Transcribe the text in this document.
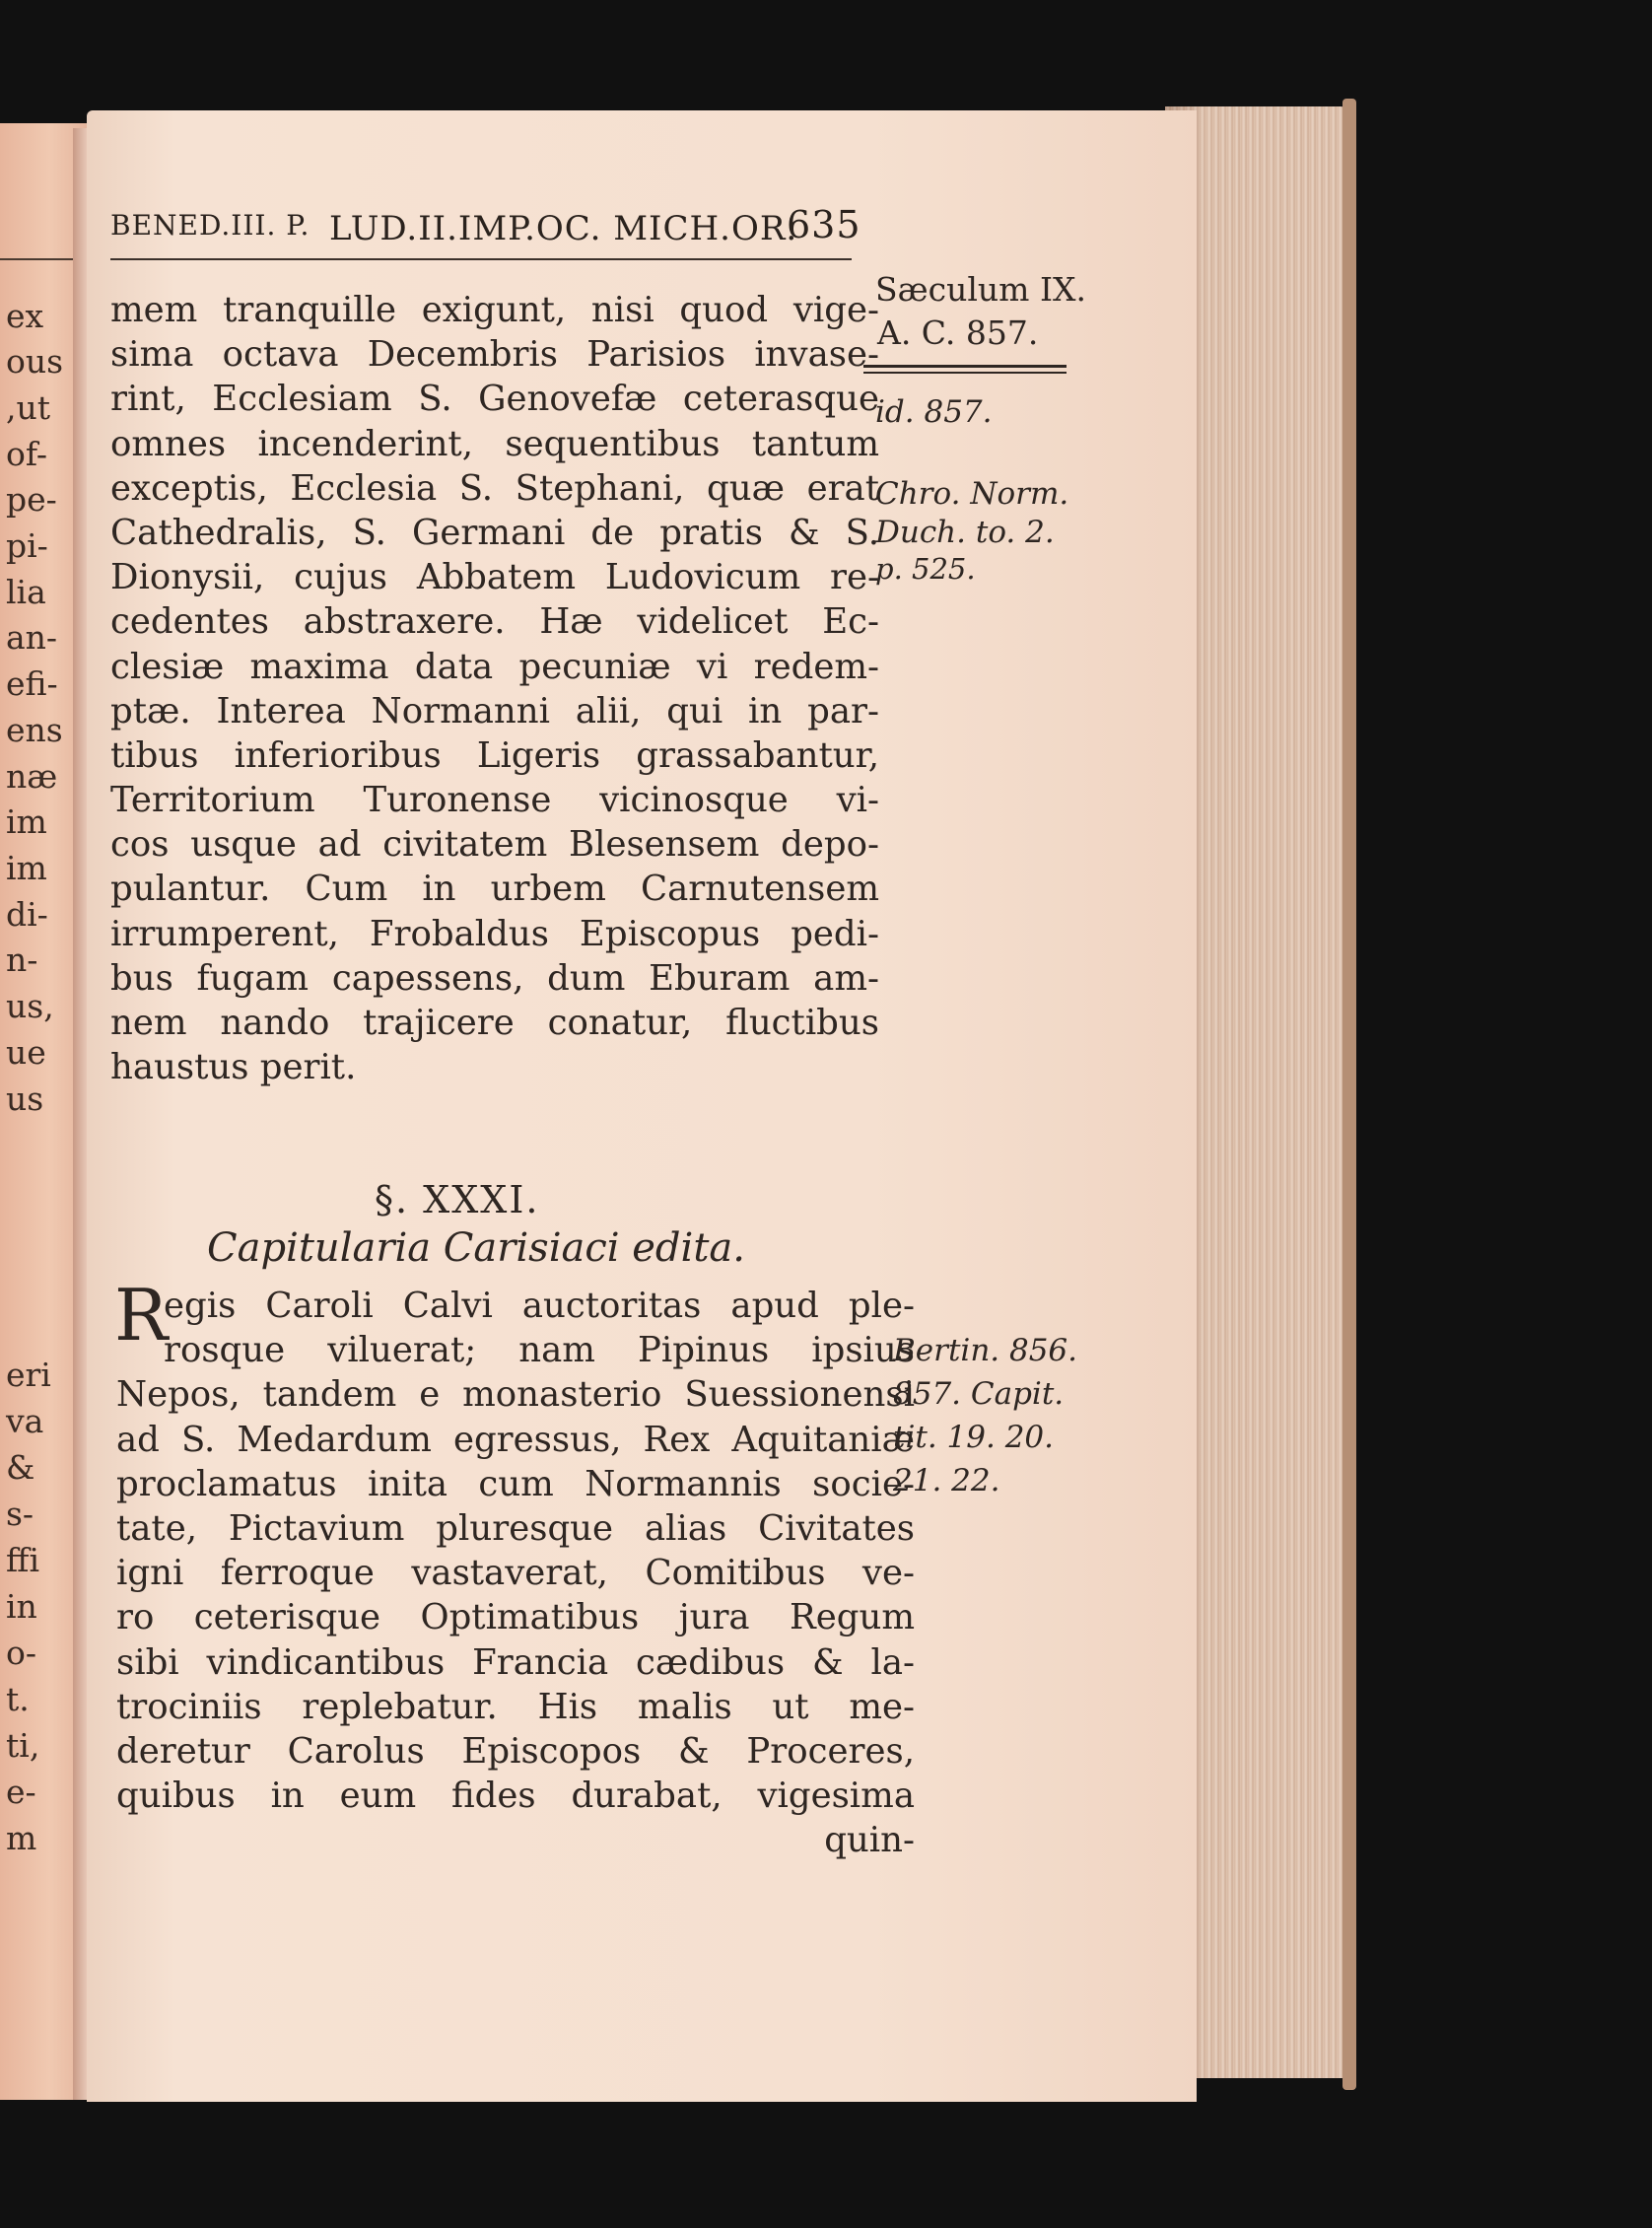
ex
ous
,ut
of-
pe-
pi-
lia
an-
efi-
ens
næ
im
im
di-
n-
us,
ue
us
eri
va
&
s-
ffi
in
o-
t.
ti,
e-
m
BENED.III. P. LUD.II.IMP.OC. MICH.OR.
635
Sæculum IX.
A. C. 857.
id. 857.
Chro. Norm.
Duch. to. 2.
p. 525.
Bertin. 856.
857. Capit.
tit. 19. 20.
21. 22.
mem tranquille exigunt, nisi quod vige-
sima octava Decembris Parisios invase-
rint, Ecclesiam S. Genovefæ ceterasque
omnes incenderint, sequentibus tantum
exceptis, Ecclesia S. Stephani, quæ erat
Cathedralis, S. Germani de pratis & S.
Dionysii, cujus Abbatem Ludovicum re-
cedentes abstraxere. Hæ videlicet Ec-
clesiæ maxima data pecuniæ vi redem-
ptæ. Interea Normanni alii, qui in par-
tibus inferioribus Ligeris grassabantur,
Territorium Turonense vicinosque vi-
cos usque ad civitatem Blesensem depo-
pulantur. Cum in urbem Carnutensem
irrumperent, Frobaldus Episcopus pedi-
bus fugam capessens, dum Eburam am-
nem nando trajicere conatur, fluctibus
haustus perit.
§. XXXI.
Capitularia Carisiaci edita.
R
egis Caroli Calvi auctoritas apud ple-
rosque viluerat; nam Pipinus ipsius
Nepos, tandem e monasterio Suessionensi
ad S. Medardum egressus, Rex Aquitaniæ
proclamatus inita cum Normannis socie-
tate, Pictavium pluresque alias Civitates
igni ferroque vastaverat, Comitibus ve-
ro ceterisque Optimatibus jura Regum
sibi vindicantibus Francia cædibus & la-
trociniis replebatur. His malis ut me-
deretur Carolus Episcopos & Proceres,
quibus in eum fides durabat, vigesima
quin-
